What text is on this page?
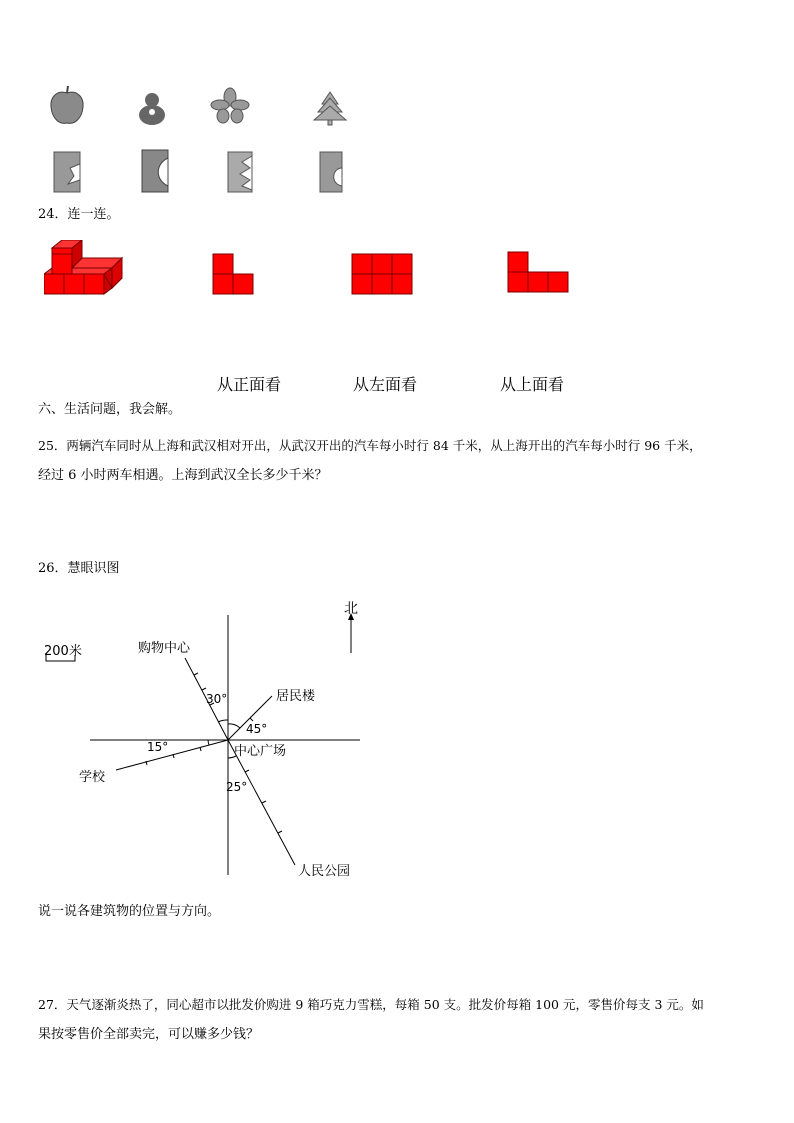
24．连一连。
从正面看	从左面看	从上面看
六、生活问题，我会解。
25．两辆汽车同时从上海和武汉相对开出，从武汉开出的汽车每小时行 84 千米，从上海开出的汽车每小时行 96 千米，
经过 6 小时两车相遇。上海到武汉全长多少千米？
26．慧眼识图
200米
北
购物中心
居民楼
学校
人民公园
中心广场
30°
45°
15°
25°
说一说各建筑物的位置与方向。
27．天气逐渐炎热了，同心超市以批发价购进 9 箱巧克力雪糕，每箱 50 支。批发价每箱 100 元，零售价每支 3 元。如
果按零售价全部卖完，可以赚多少钱？
